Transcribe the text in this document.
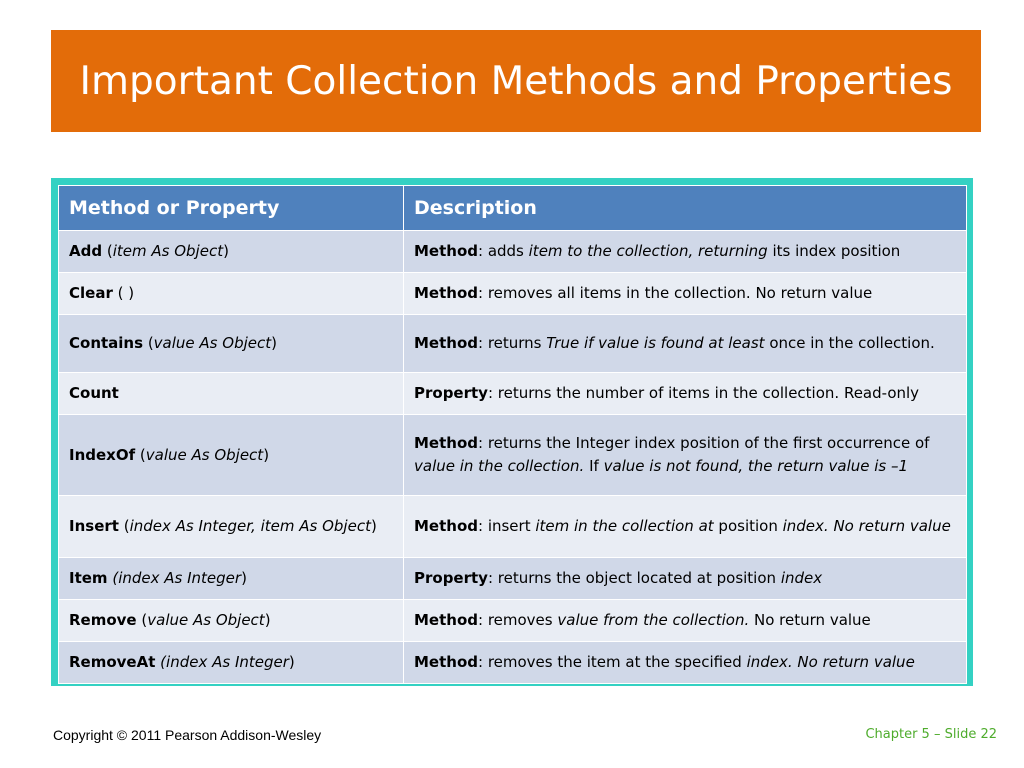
Important Collection Methods and Properties
Method or Property	Description
Add (item As Object)	Method: adds item to the collection, returning its index position
Clear ( )	Method: removes all items in the collection. No return value
Contains (value As Object)	Method: returns True if value is found at least once in the collection.
Count	Property: returns the number of items in the collection. Read-only
IndexOf (value As Object)	Method: returns the Integer index position of the first occurrence of value in the collection. If value is not found, the return value is –1
Insert (index As Integer, item As Object)	Method: insert item in the collection at position index. No return value
Item (index As Integer)	Property: returns the object located at position index
Remove (value As Object)	Method: removes value from the collection. No return value
RemoveAt (index As Integer)	Method: removes the item at the specified index. No return value
Copyright © 2011 Pearson Addison-Wesley	Chapter 5 – Slide 22
